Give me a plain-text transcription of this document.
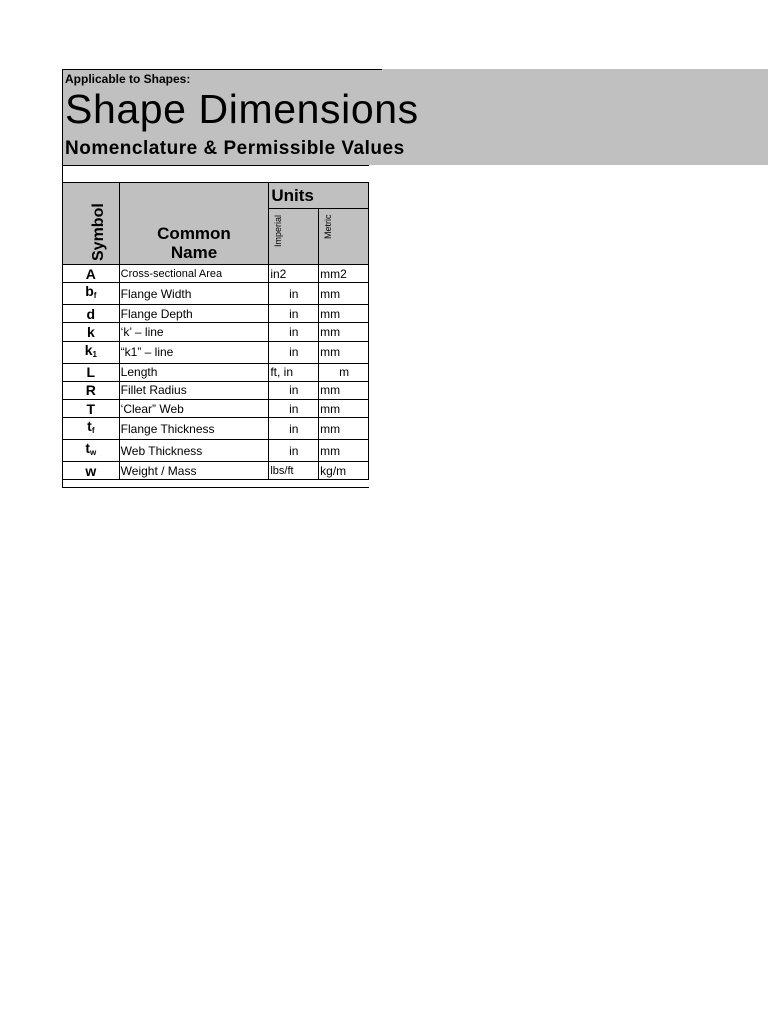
Applicable to Shapes:
Shape Dimensions
Nomenclature & Permissible Values
Symbol	Common Name	Units	

		Imperial	Metric

A	Cross-sectional Area	in2	mm2
$b_f$	Flange Width	in	mm
d	Flange Depth	in	mm
k	‘k’ – line	in	mm
$k_1$	“k1” – line	in	mm
L	Length	ft, in	m
R	Fillet Radius	in	mm
T	‘Clear” Web	in	mm
$t_f$	Flange Thickness	in	mm
$t_w$	Web Thickness	in	mm
w	Weight / Mass	lbs/ft	kg/m
